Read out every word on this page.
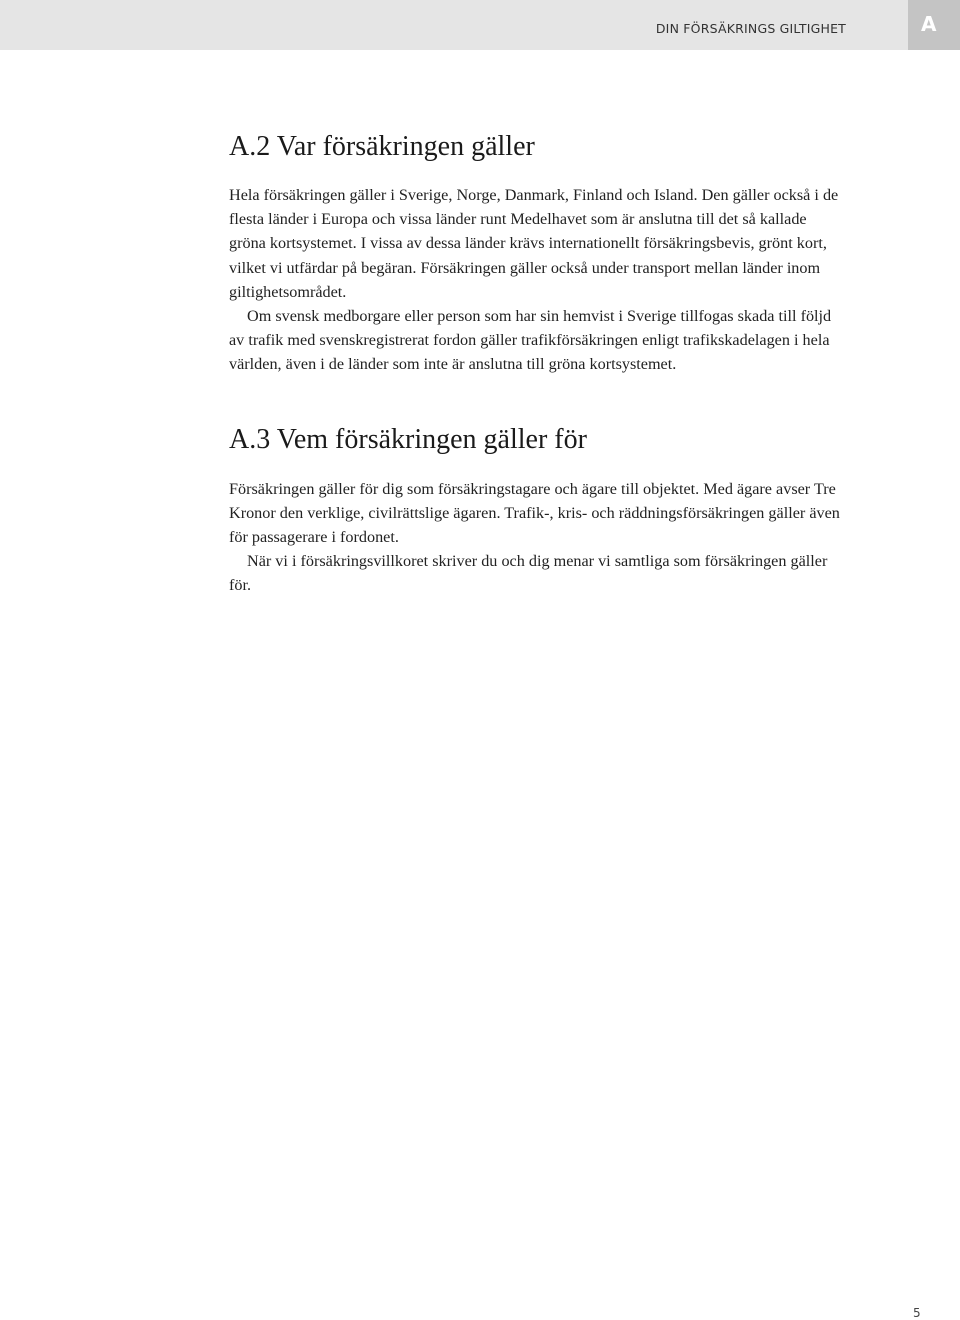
DIN FÖRSÄKRINGS GILTIGHET	A
A.2 Var försäkringen gäller

Hela försäkringen gäller i Sverige, Norge, Danmark, Finland och Island. Den gäller också i de flesta länder i Europa och vissa länder runt Medelhavet som är anslutna till det så kallade gröna kortsystemet. I vissa av dessa länder krävs internationellt försäkringsbevis, grönt kort, vilket vi utfärdar på begäran. Försäkringen gäller också under transport mellan länder inom giltighetsområdet.

Om svensk medborgare eller person som har sin hemvist i Sverige tillfogas skada till följd av trafik med svenskregistrerat fordon gäller trafikförsäkringen enligt trafikskadelagen i hela världen, även i de länder som inte är anslutna till gröna kortsystemet.

A.3 Vem försäkringen gäller för

Försäkringen gäller för dig som försäkringstagare och ägare till objektet. Med ägare avser Tre Kronor den verklige, civilrättslige ägaren. Trafik-, kris- och räddningsförsäkringen gäller även för passagerare i fordonet.

När vi i försäkringsvillkoret skriver du och dig menar vi samtliga som försäkringen gäller för.

5
